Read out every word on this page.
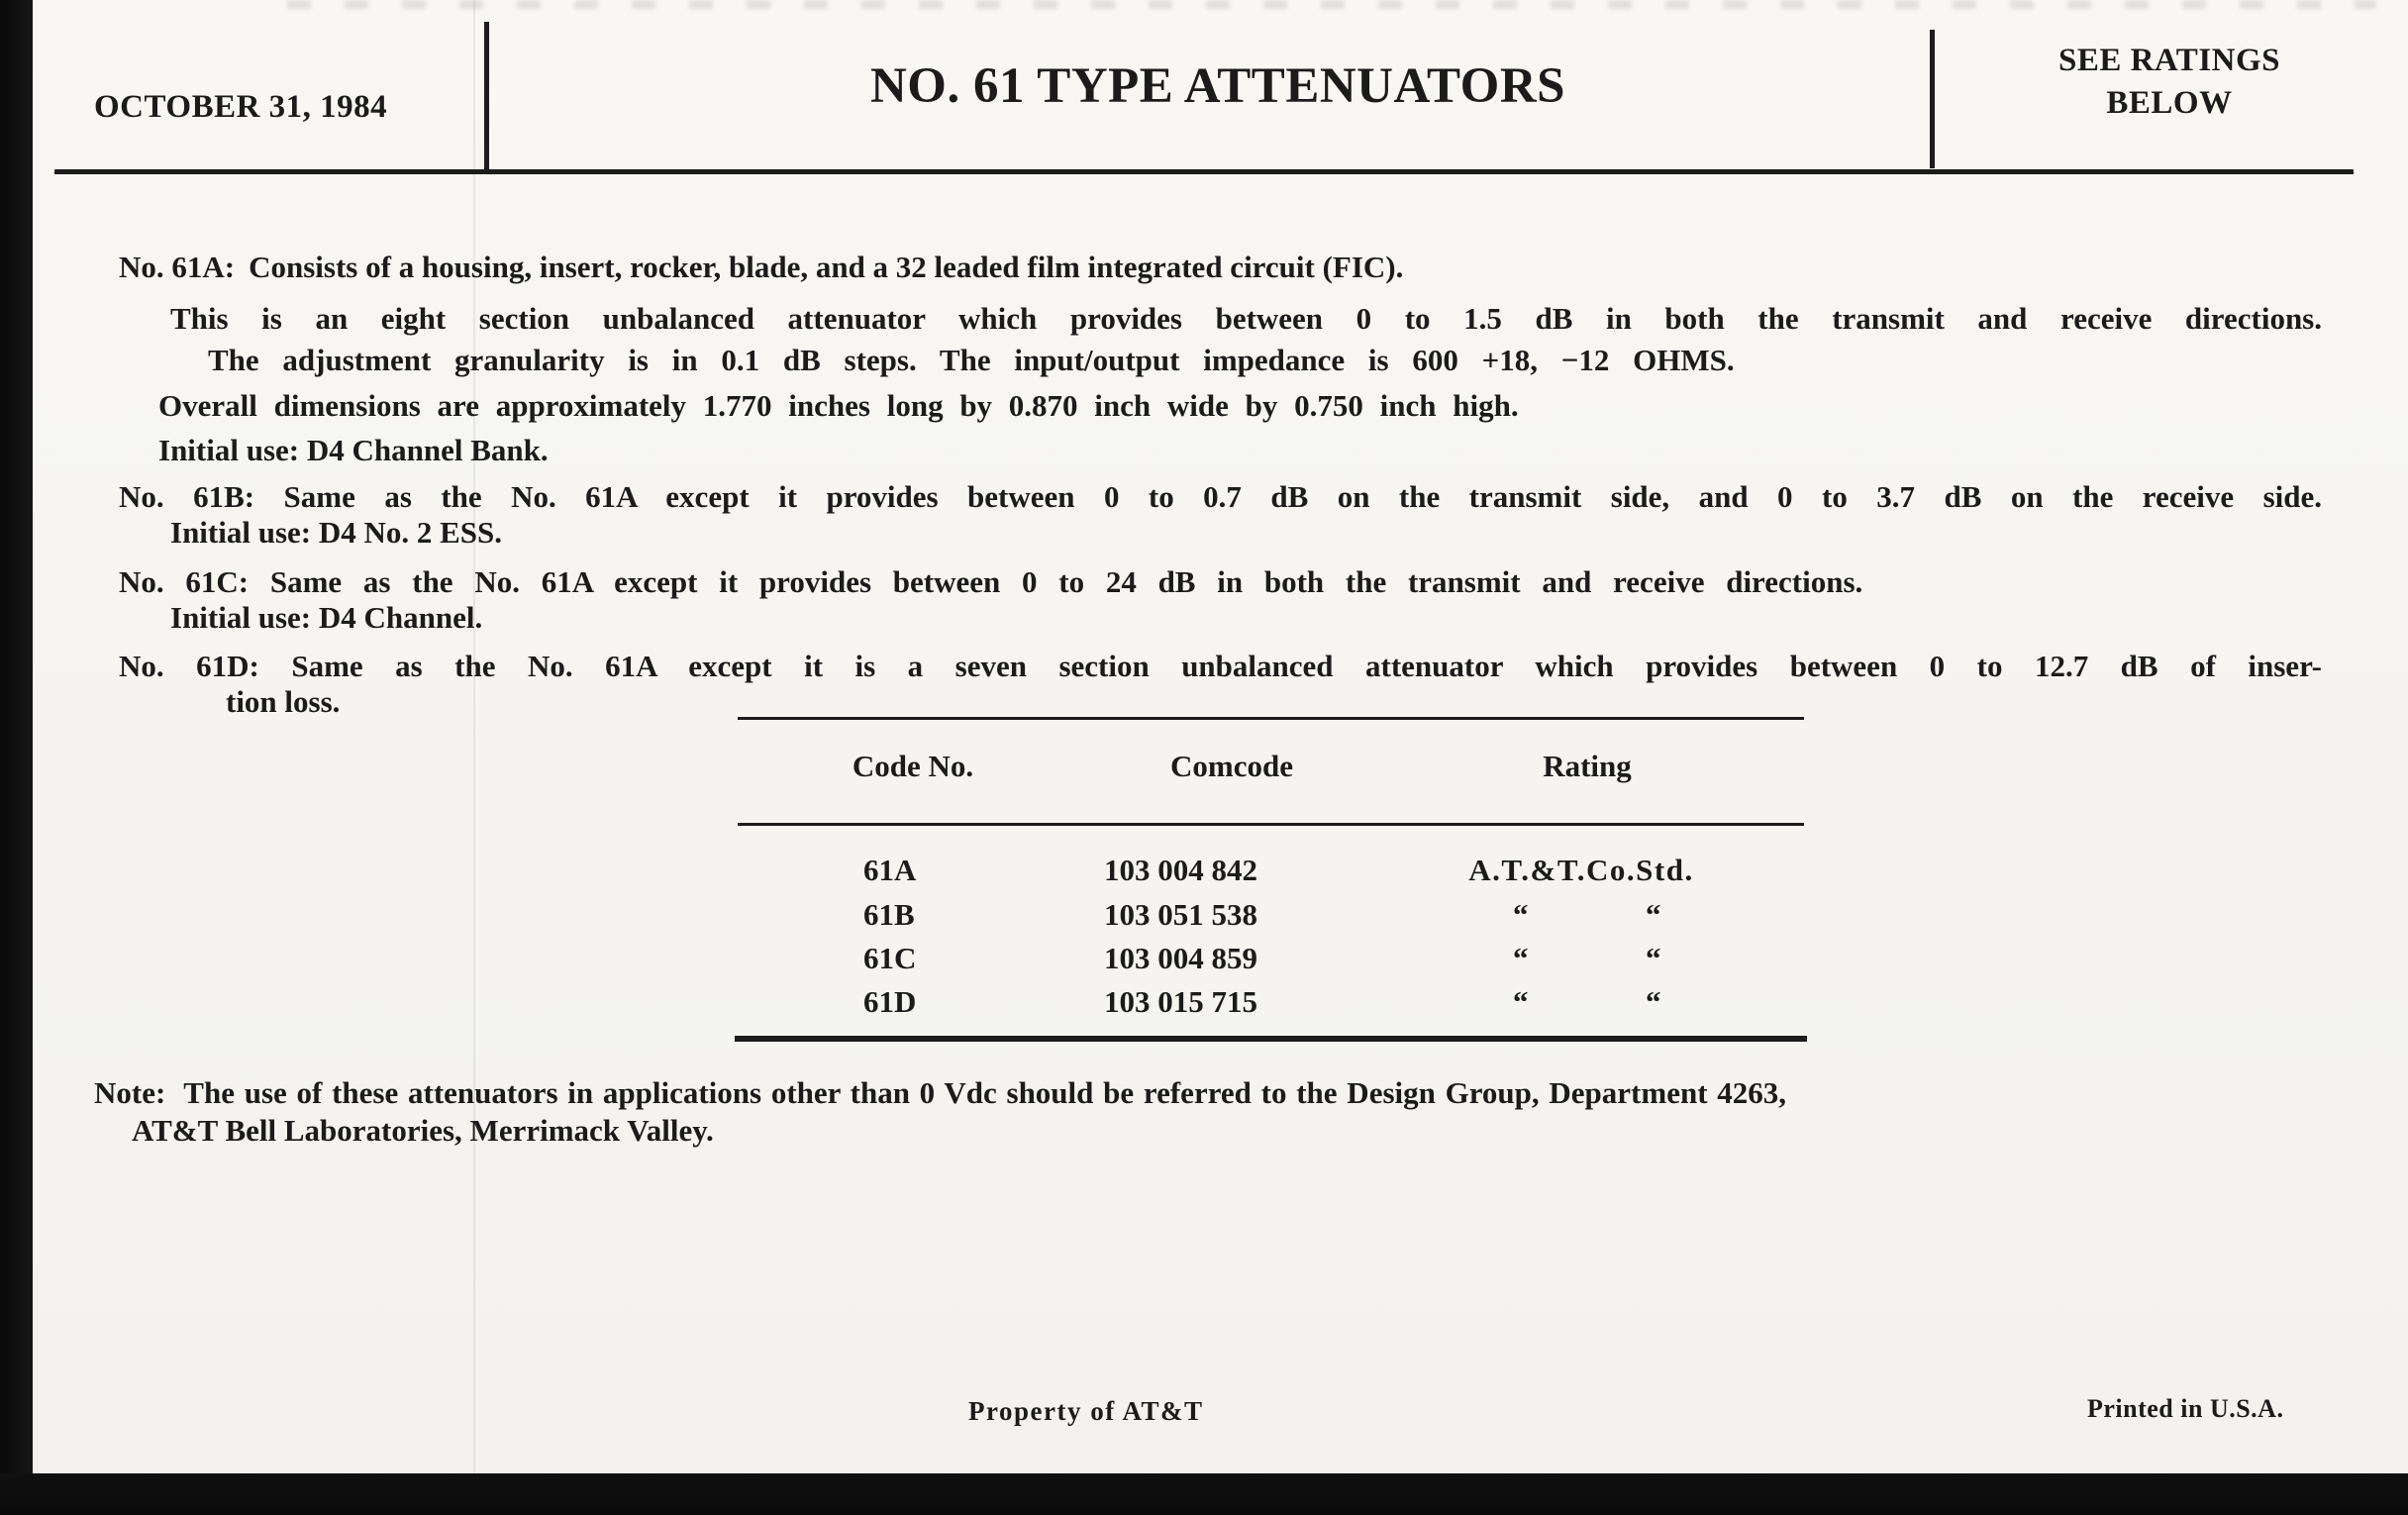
OCTOBER 31, 1984	NO. 61 TYPE ATTENUATORS	SEE RATINGS
BELOW
No. 61A: Consists of a housing, insert, rocker, blade, and a 32 leaded film integrated circuit (FIC).
This is an eight section unbalanced attenuator which provides between 0 to 1.5 dB in both the transmit and receive directions.
The adjustment granularity is in 0.1 dB steps. The input/output impedance is 600 +18, −12 OHMS.
Overall dimensions are approximately 1.770 inches long by 0.870 inch wide by 0.750 inch high.
Initial use: D4 Channel Bank.
No. 61B: Same as the No. 61A except it provides between 0 to 0.7 dB on the transmit side, and 0 to 3.7 dB on the receive side.
Initial use: D4 No. 2 ESS.
No. 61C: Same as the No. 61A except it provides between 0 to 24 dB in both the transmit and receive directions.
Initial use: D4 Channel.
No. 61D: Same as the No. 61A except it is a seven section unbalanced attenuator which provides between 0 to 12.7 dB of inser-
tion loss.
Code No.	Comcode	Rating
61A	103 004 842	A.T.&T.Co.Std.
61B	103 051 538	“	“
61C	103 004 859	“	“
61D	103 015 715	“	“
Note: The use of these attenuators in applications other than 0 Vdc should be referred to the Design Group, Department 4263,
AT&T Bell Laboratories, Merrimack Valley.
Property of AT&T	Printed in U.S.A.
